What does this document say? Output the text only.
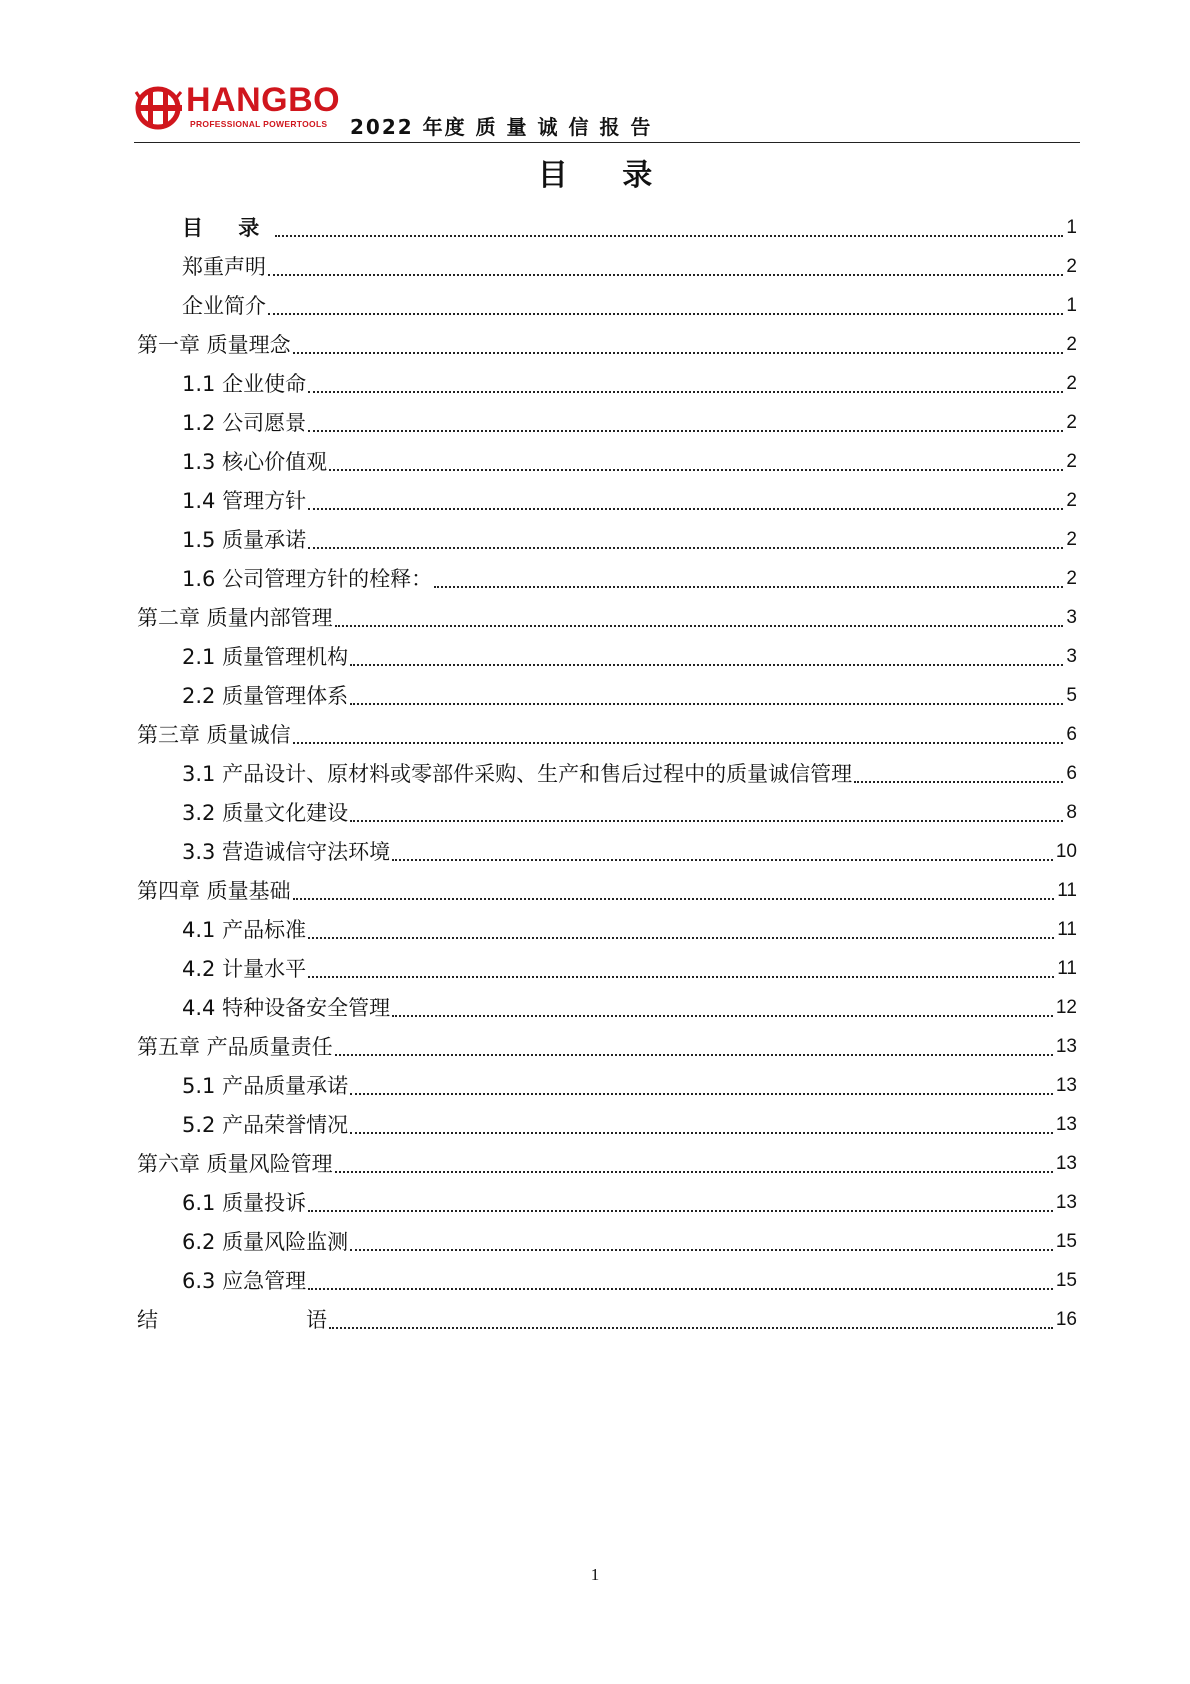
HANGBO
PROFESSIONAL POWERTOOLS 2022 年度 质 量 诚 信 报 告
目 录
目 录	1
郑重声明	2
企业简介	1
第一章 质量理念	2
1.1 企业使命	2
1.2 公司愿景	2
1.3 核心价值观	2
1.4 管理方针	2
1.5 质量承诺	2
1.6 公司管理方针的栓释：	2
第二章 质量内部管理	3
2.1 质量管理机构	3
2.2 质量管理体系	5
第三章 质量诚信	6
3.1 产品设计、原材料或零部件采购、生产和售后过程中的质量诚信管理	6
3.2 质量文化建设	8
3.3 营造诚信守法环境	10
第四章 质量基础	11
4.1 产品标准	11
4.2 计量水平	11
4.4 特种设备安全管理	12
第五章 产品质量责任	13
5.1 产品质量承诺	13
5.2 产品荣誉情况	13
第六章 质量风险管理	13
6.1 质量投诉	13
6.2 质量风险监测	15
6.3 应急管理	15
结	语	16
1
